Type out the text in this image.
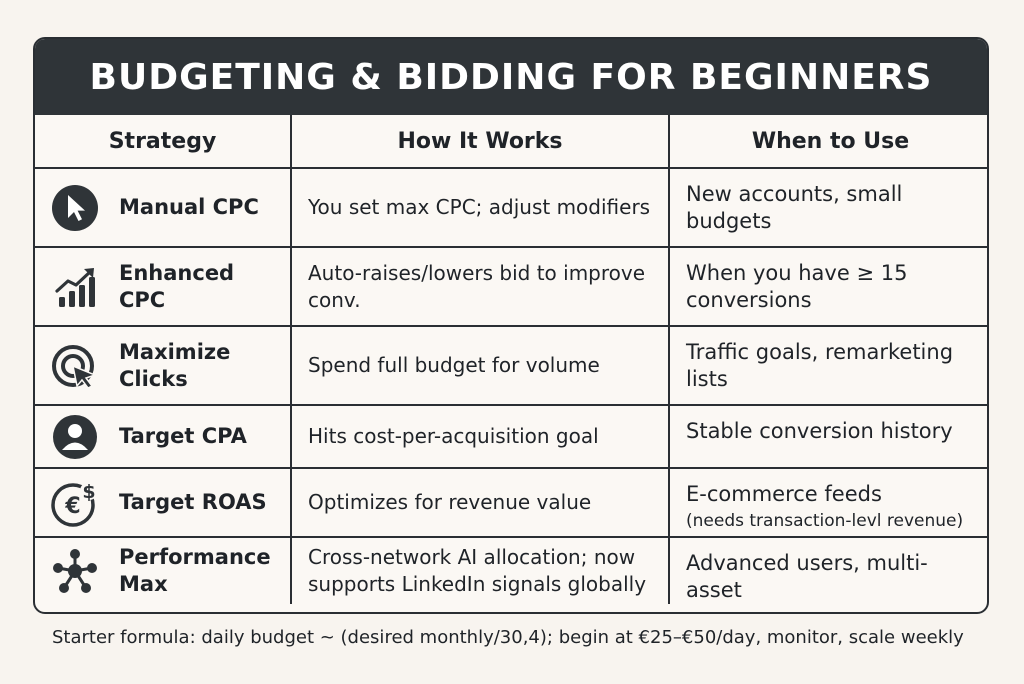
BUDGETING & BIDDING FOR BEGINNERS
Strategy	How It Works	When to Use

Manual CPC	You set max CPC; adjust modifiers	New accounts, small budgets

Enhanced CPC	Auto-raises/lowers bid to improve conv.	When you have ≥ 15 conversions

Maximize Clicks	Spend full budget for volume	Traffic goals, remarketing lists

Target CPA	Hits cost-per-acquisition goal	Stable conversion history

€
$ Target ROAS	Optimizes for revenue value	E-commerce feeds
(needs transaction-levl revenue)

Performance Max	Cross-network AI allocation; now supports LinkedIn signals globally	Advanced users, multi-asset
Starter formula: daily budget ~ (desired monthly/30,4); begin at €25–€50/day, monitor, scale weekly
